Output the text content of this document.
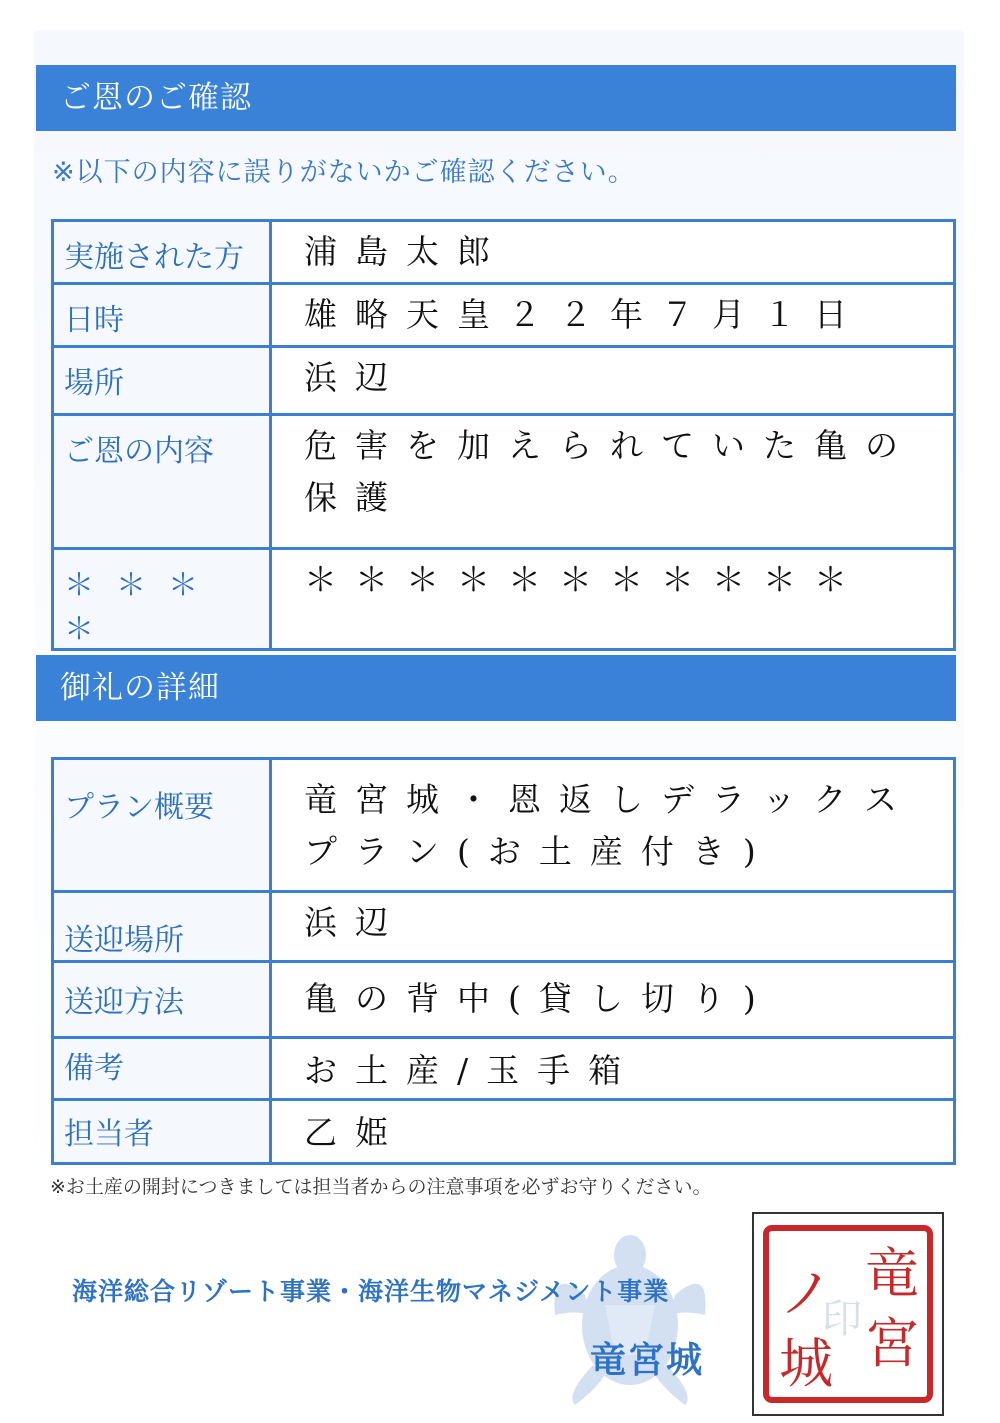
ご恩のご確認
※以下の内容に誤りがないかご確認ください。
実施された方	浦島太郎
日時	雄略天皇２２年７月１日
場所	浜辺
ご恩の内容	危害を加えられていた亀の保護
＊＊＊＊	＊＊＊＊＊＊＊＊＊＊＊
御礼の詳細
プラン概要	竜宮城・恩返しデラックスプラン(お土産付き)
送迎場所	浜辺
送迎方法	亀の背中(貸し切り)
備考	お土産/玉手箱
担当者	乙姫
※お土産の開封につきましては担当者からの注意事項を必ずお守りください。
海洋総合リゾート事業・海洋生物マネジメント事業
竜宮城
竜
宮
ノ
城
印
